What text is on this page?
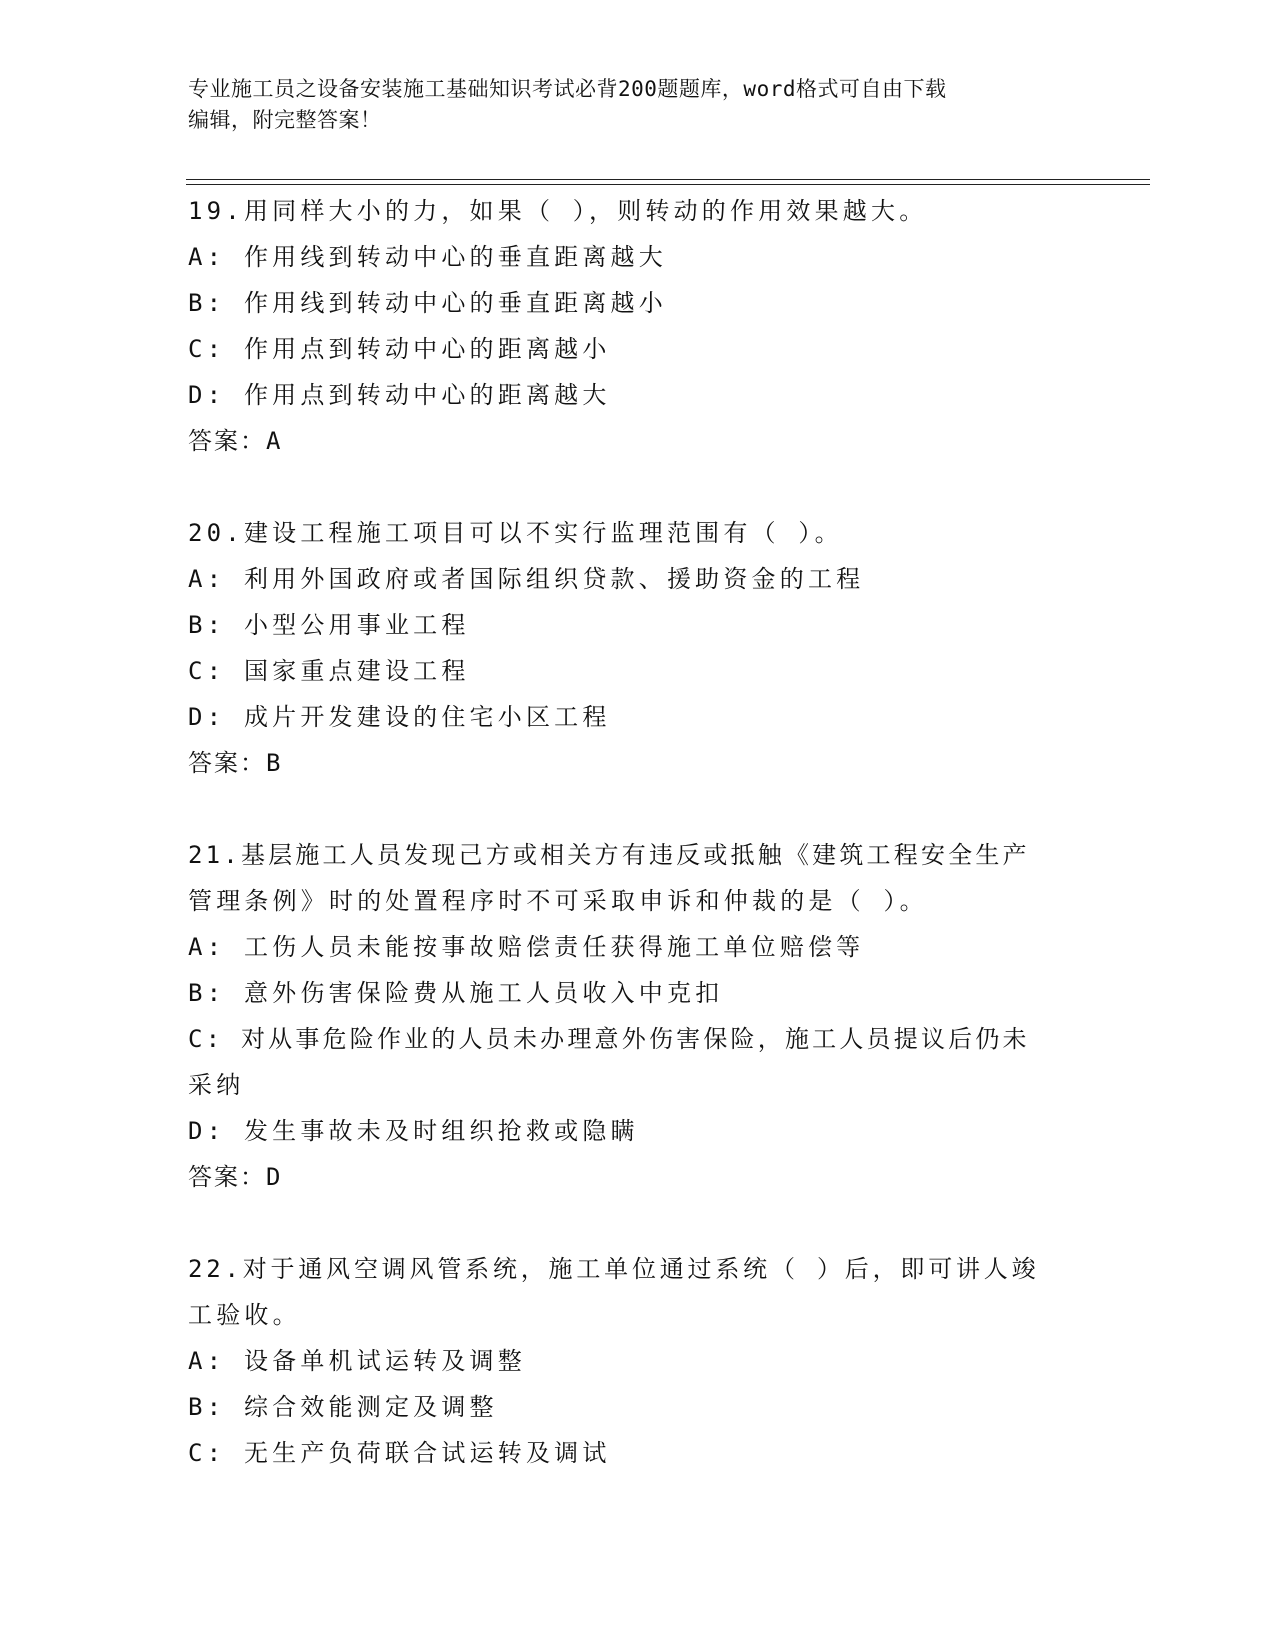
专业施工员之设备安装施工基础知识考试必背200题题库，word格式可自由下载
编辑，附完整答案！
19.用同样大小的力，如果（ ），则转动的作用效果越大。
A: 作用线到转动中心的垂直距离越大
B: 作用线到转动中心的垂直距离越小
C: 作用点到转动中心的距离越小
D: 作用点到转动中心的距离越大
答案：A
20.建设工程施工项目可以不实行监理范围有（ ）。
A: 利用外国政府或者国际组织贷款、援助资金的工程
B: 小型公用事业工程
C: 国家重点建设工程
D: 成片开发建设的住宅小区工程
答案：B
21.基层施工人员发现己方或相关方有违反或抵触《建筑工程安全生产
管理条例》时的处置程序时不可采取申诉和仲裁的是（ ）。
A: 工伤人员未能按事故赔偿责任获得施工单位赔偿等
B: 意外伤害保险费从施工人员收入中克扣
C: 对从事危险作业的人员未办理意外伤害保险，施工人员提议后仍未
采纳
D: 发生事故未及时组织抢救或隐瞒
答案：D
22.对于通风空调风管系统，施工单位通过系统（ ）后，即可讲人竣
工验收。
A: 设备单机试运转及调整
B: 综合效能测定及调整
C: 无生产负荷联合试运转及调试
